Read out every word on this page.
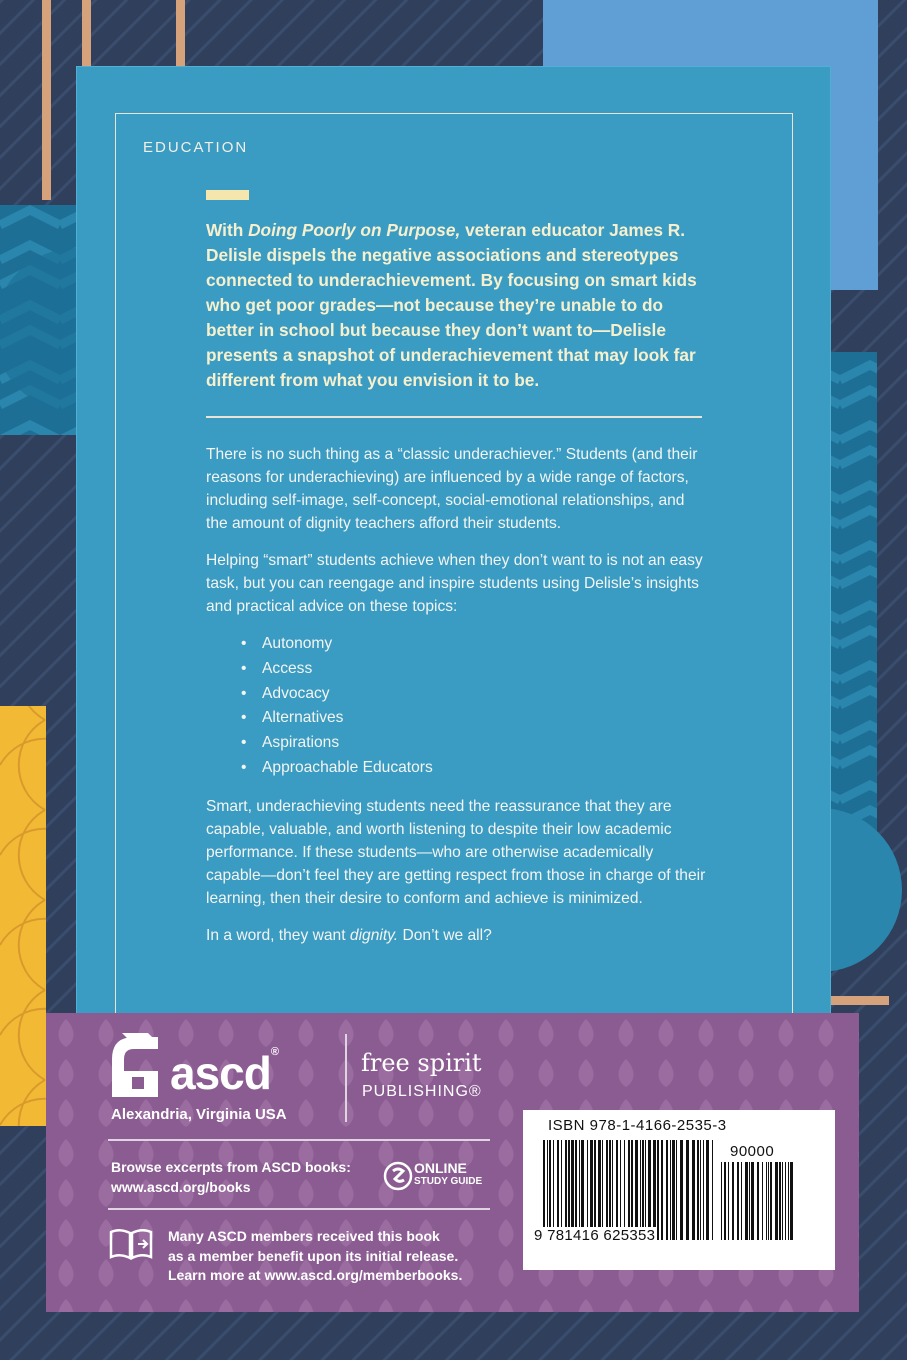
EDUCATION
With Doing Poorly on Purpose, veteran educator James R. Delisle dispels the negative associations and stereotypes connected to underachievement. By focusing on smart kids who get poor grades—not because they’re unable to do better in school but because they don’t want to—Delisle presents a snapshot of underachievement that may look far different from what you envision it to be.

There is no such thing as a “classic underachiever.” Students (and their reasons for underachieving) are influenced by a wide range of factors, including self-image, self-concept, social-emotional relationships, and the amount of dignity teachers afford their students.

Helping “smart” students achieve when they don’t want to is not an easy task, but you can reengage and inspire students using Delisle’s insights and practical advice on these topics:

• Autonomy
• Access
• Advocacy
• Alternatives
• Aspirations
• Approachable Educators

Smart, underachieving students need the reassurance that they are capable, valuable, and worth listening to despite their low academic performance. If these students—who are otherwise academically capable—don’t feel they are getting respect from those in charge of their learning, then their desire to conform and achieve is minimized.

In a word, they want dignity. Don’t we all?

ascd®
Alexandria, Virginia USA
free spirit
PUBLISHING®
Browse excerpts from ASCD books:
www.ascd.org/books
ONLINE
STUDY GUIDE
Many ASCD members received this book
as a member benefit upon its initial release.
Learn more at www.ascd.org/memberbooks.
ISBN 978-1-4166-2535-3
90000
9 781416 625353
